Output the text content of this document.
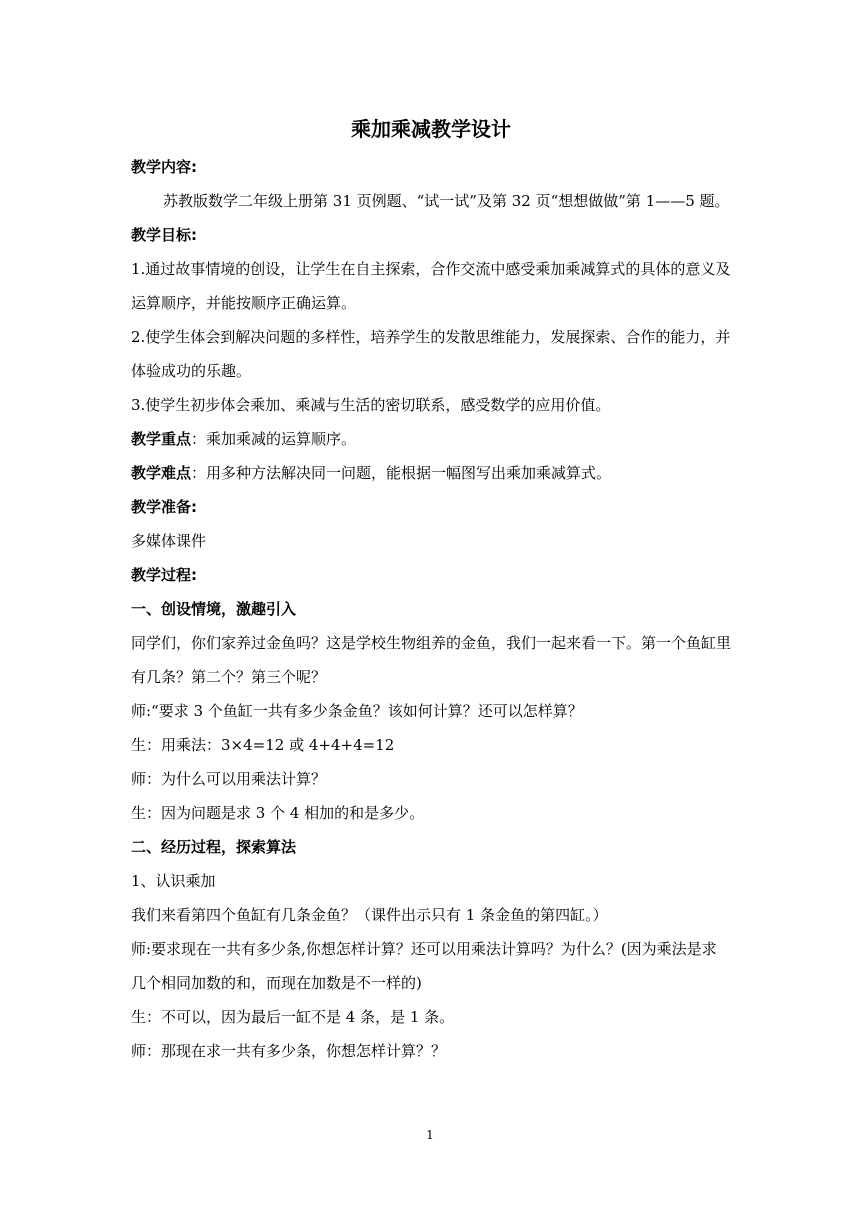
乘加乘减教学设计

教学内容:

苏教版数学二年级上册第 31 页例题、“试一试”及第 32 页“想想做做”第 1——5 题。

教学目标:

1.通过故事情境的创设，让学生在自主探索，合作交流中感受乘加乘减算式的具体的意义及运算顺序，并能按顺序正确运算。

2.使学生体会到解决问题的多样性，培养学生的发散思维能力，发展探索、合作的能力，并体验成功的乐趣。

3.使学生初步体会乘加、乘减与生活的密切联系，感受数学的应用价值。

教学重点：乘加乘减的运算顺序。

教学难点：用多种方法解决同一问题，能根据一幅图写出乘加乘减算式。

教学准备:

多媒体课件

教学过程:

一、创设情境，激趣引入

同学们，你们家养过金鱼吗？这是学校生物组养的金鱼，我们一起来看一下。第一个鱼缸里有几条？第二个？第三个呢？

师:“要求 3 个鱼缸一共有多少条金鱼？该如何计算？还可以怎样算？

生：用乘法：3×4=12 或 4+4+4=12

师：为什么可以用乘法计算？

生：因为问题是求 3 个 4 相加的和是多少。

二、经历过程，探索算法

1、认识乘加

我们来看第四个鱼缸有几条金鱼？（课件出示只有 1 条金鱼的第四缸。）

师:要求现在一共有多少条,你想怎样计算？还可以用乘法计算吗？为什么？(因为乘法是求几个相同加数的和，而现在加数是不一样的)

生：不可以，因为最后一缸不是 4 条，是 1 条。

师：那现在求一共有多少条，你想怎样计算？？

1
